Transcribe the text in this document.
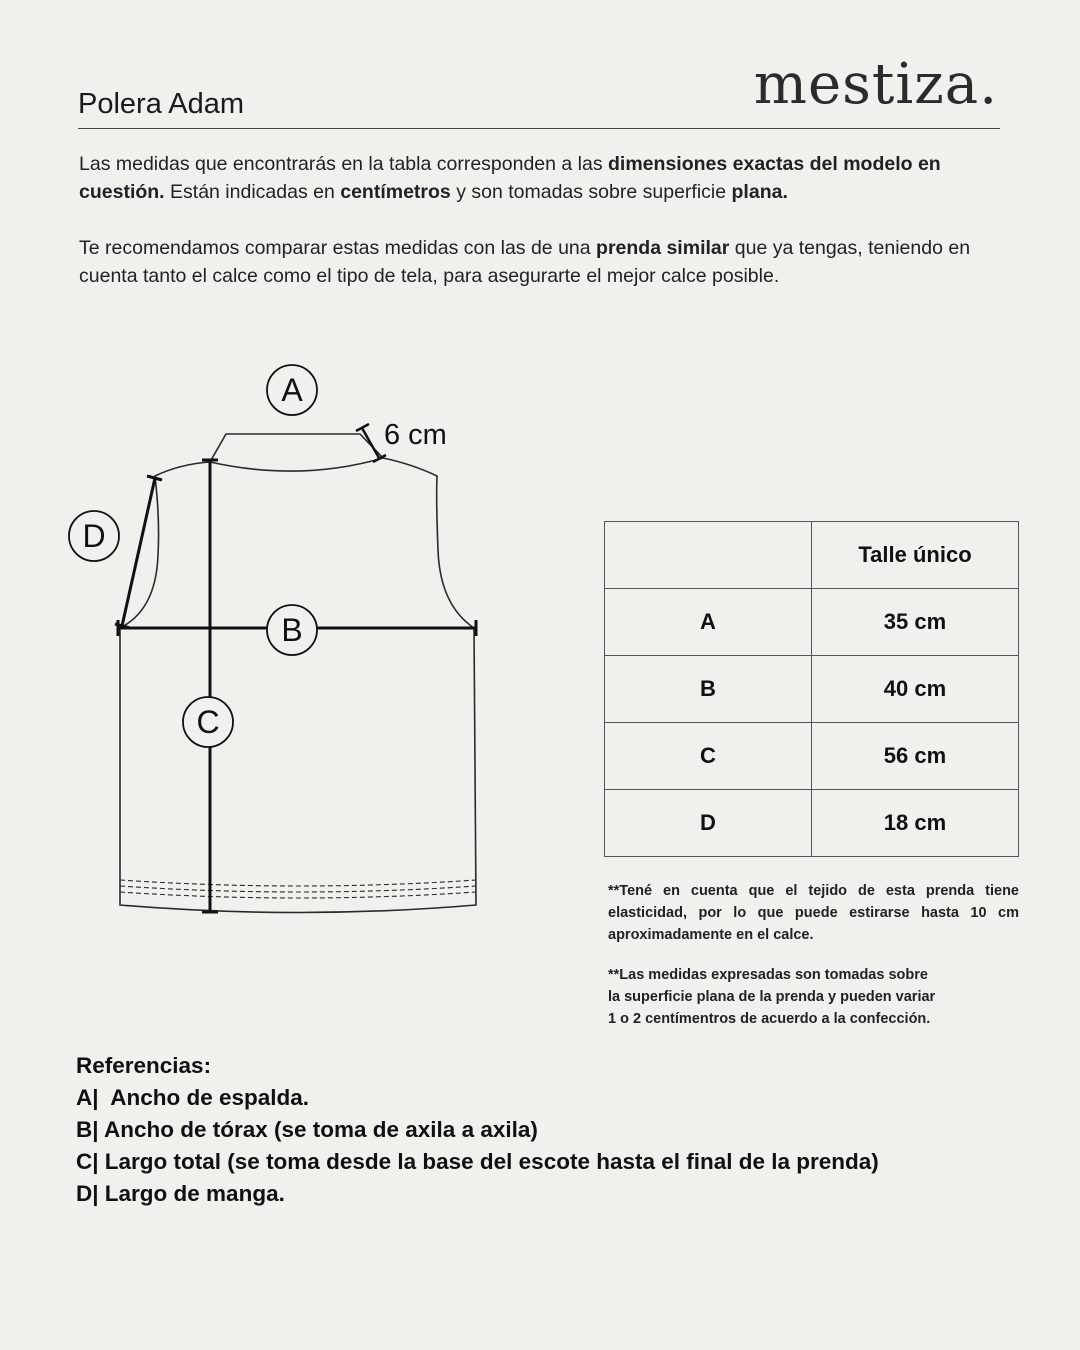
Polera Adam	mestiza.

Las medidas que encontrarás en la tabla corresponden a las dimensiones exactas del modelo en cuestión. Están indicadas en centímetros y son tomadas sobre superficie plana.

Te recomendamos comparar estas medidas con las de una prenda similar que ya tengas, teniendo en cuenta tanto el calce como el tipo de tela, para asegurarte el mejor calce posible.

A
B
C
D
6 cm
	Talle único
A	35 cm
B	40 cm
C	56 cm
D	18 cm

**Tené en cuenta que el tejido de esta prenda tiene elasticidad, por lo que puede estirarse hasta 10 cm aproximadamente en el calce.

**Las medidas expresadas son tomadas sobre
la superficie plana de la prenda y pueden variar
1 o 2 centímentros de acuerdo a la confección.

Referencias:
A|  Ancho de espalda.
B| Ancho de tórax (se toma de axila a axila)
C| Largo total (se toma desde la base del escote hasta el final de la prenda)
D| Largo de manga.
